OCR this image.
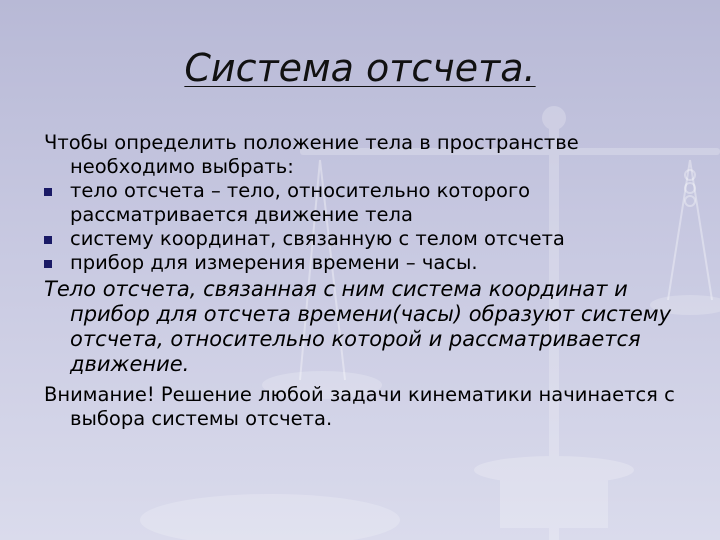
Система отсчета.

Чтобы определить положение тела в пространстве необходимо выбрать:

тело отсчета – тело, относительно которого рассматривается движение тела
систему координат, связанную с телом отсчета
прибор для измерения времени – часы.

Тело отсчета, связанная с ним система координат и прибор для отсчета времени(часы) образуют систему отсчета, относительно которой и рассматривается движение.

Внимание! Решение любой задачи кинематики начинается с выбора системы отсчета.
